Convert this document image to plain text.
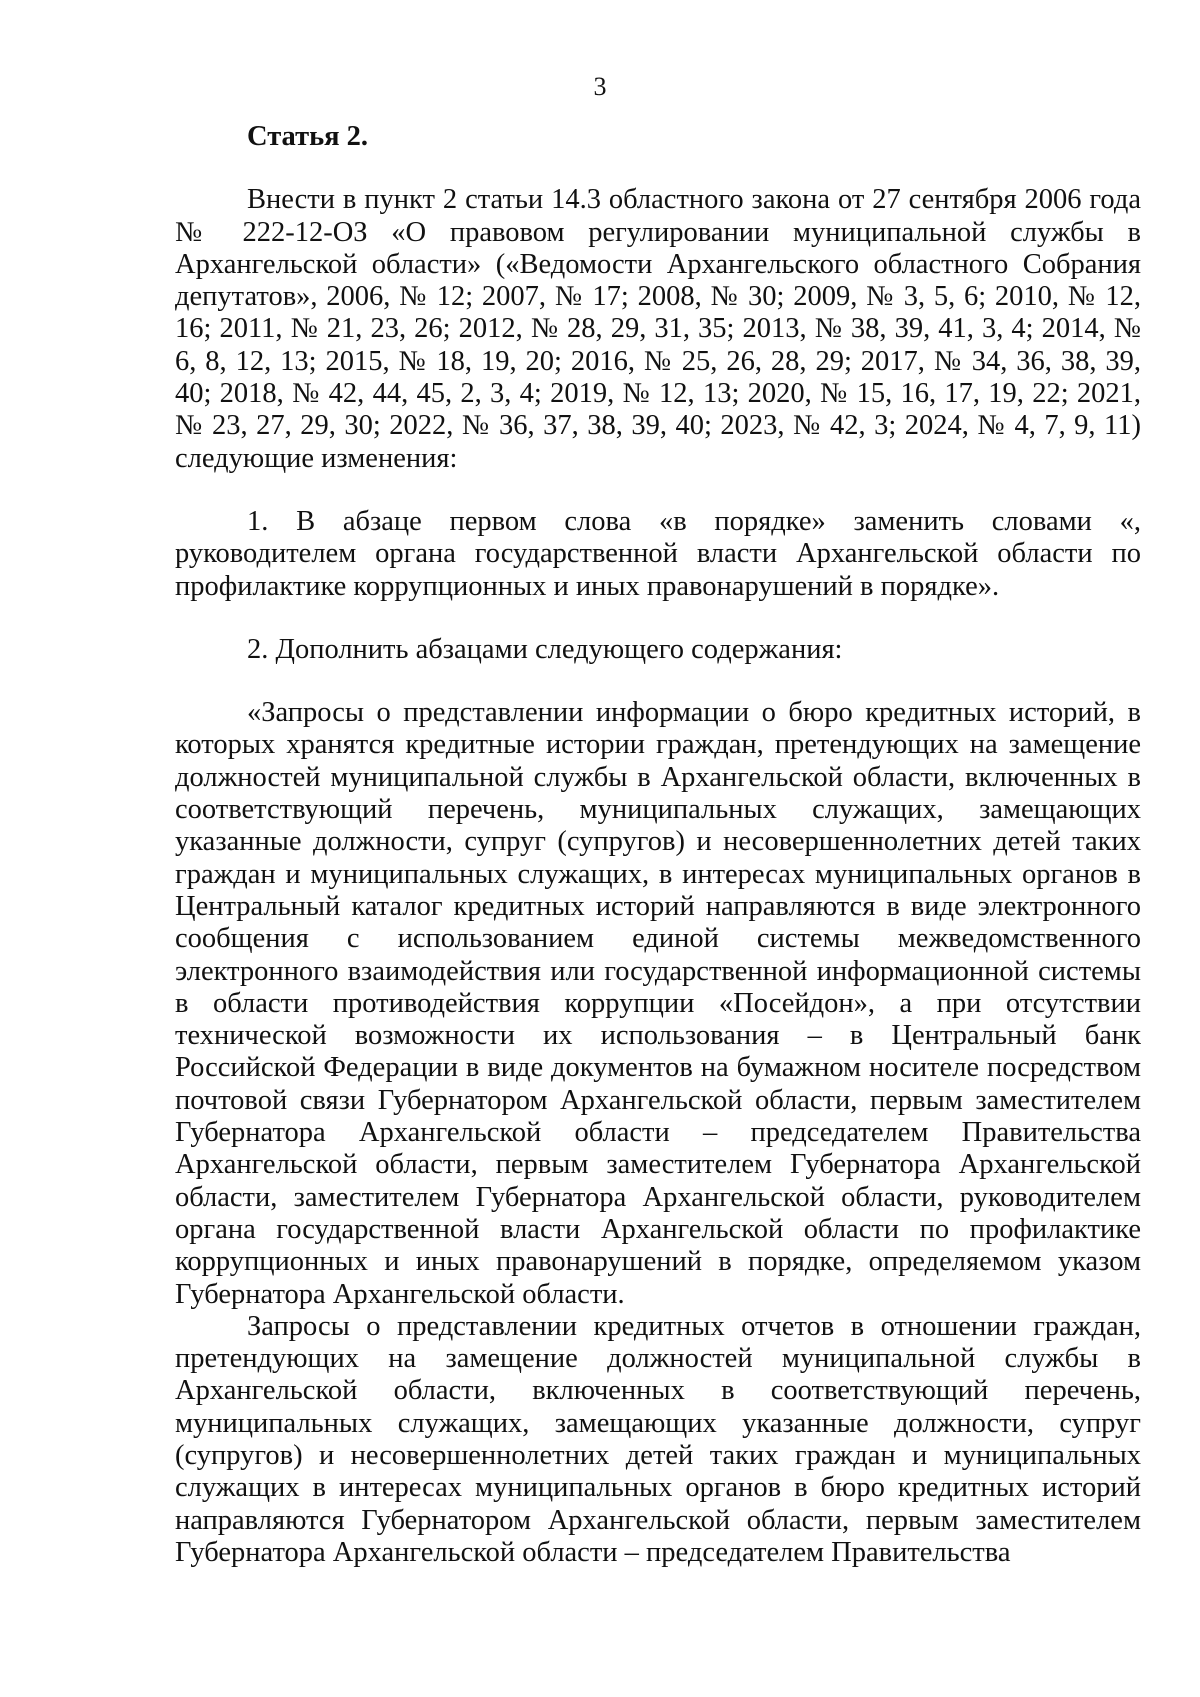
3

Статья 2.

Внести в пункт 2 статьи 14.3 областного закона от 27 сентября 2006 года № 222-12-ОЗ «О правовом регулировании муниципальной службы в Архангельской области» («Ведомости Архангельского областного Собрания депутатов», 2006, № 12; 2007, № 17; 2008, № 30; 2009, № 3, 5, 6; 2010, № 12, 16; 2011, № 21, 23, 26; 2012, № 28, 29, 31, 35; 2013, № 38, 39, 41, 3, 4; 2014, № 6, 8, 12, 13; 2015, № 18, 19, 20; 2016, № 25, 26, 28, 29; 2017, № 34, 36, 38, 39, 40; 2018, № 42, 44, 45, 2, 3, 4; 2019, № 12, 13; 2020, № 15, 16, 17, 19, 22; 2021, № 23, 27, 29, 30; 2022, № 36, 37, 38, 39, 40; 2023, № 42, 3; 2024, № 4, 7, 9, 11) следующие изменения:

1. В абзаце первом слова «в порядке» заменить словами «, руководителем органа государственной власти Архангельской области по профилактике коррупционных и иных правонарушений в порядке».

2. Дополнить абзацами следующего содержания:

«Запросы о представлении информации о бюро кредитных историй, в которых хранятся кредитные истории граждан, претендующих на замещение должностей муниципальной службы в Архангельской области, включенных в соответствующий перечень, муниципальных служащих, замещающих указанные должности, супруг (супругов) и несовершеннолетних детей таких граждан и муниципальных служащих, в интересах муниципальных органов в Центральный каталог кредитных историй направляются в виде электронного сообщения с использованием единой системы межведомственного электронного взаимодействия или государственной информационной системы в области противодействия коррупции «Посейдон», а при отсутствии технической возможности их использования – в Центральный банк Российской Федерации в виде документов на бумажном носителе посредством почтовой связи Губернатором Архангельской области, первым заместителем Губернатора Архангельской области – председателем Правительства Архангельской области, первым заместителем Губернатора Архангельской области, заместителем Губернатора Архангельской области, руководителем органа государственной власти Архангельской области по профилактике коррупционных и иных правонарушений в порядке, определяемом указом Губернатора Архангельской области.

Запросы о представлении кредитных отчетов в отношении граждан, претендующих на замещение должностей муниципальной службы в Архангельской области, включенных в соответствующий перечень, муниципальных служащих, замещающих указанные должности, супруг (супругов) и несовершеннолетних детей таких граждан и муниципальных служащих в интересах муниципальных органов в бюро кредитных историй направляются Губернатором Архангельской области, первым заместителем Губернатора Архангельской области – председателем Правительства
